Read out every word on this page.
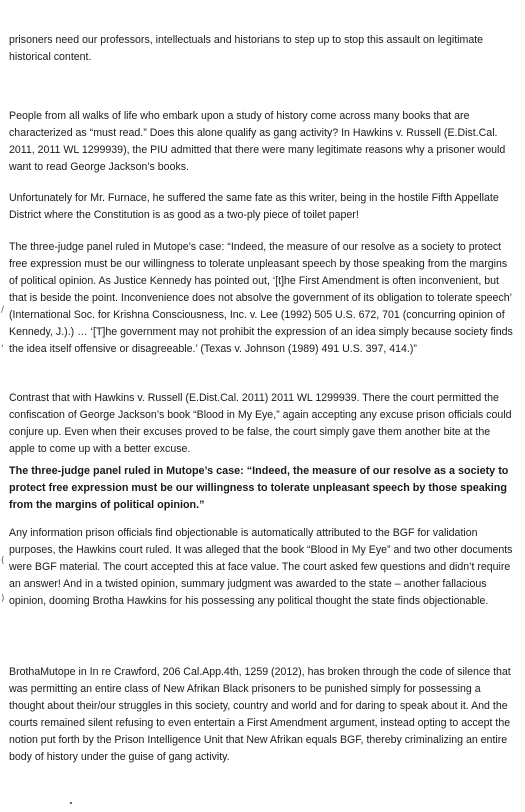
prisoners need our professors, intellectuals and historians to step up to stop this assault on legitimate historical content.

People from all walks of life who embark upon a study of history come across many books that are characterized as “must read.” Does this alone qualify as gang activity? In Hawkins v. Russell (E.Dist.Cal. 2011, 2011 WL 1299939), the PIU admitted that there were many legitimate reasons why a prisoner would want to read George Jackson’s books.

Unfortunately for Mr. Furnace, he suffered the same fate as this writer, being in the hostile Fifth Appellate District where the Constitution is as good as a two-ply piece of toilet paper!

The three-judge panel ruled in Mutope’s case: “Indeed, the measure of our resolve as a society to protect free expression must be our willingness to tolerate unpleasant speech by those speaking from the margins of political opinion. As Justice Kennedy has pointed out, ‘[t]he First Amendment is often inconvenient, but that is beside the point. Inconvenience does not absolve the government of its obligation to tolerate speech’ (International Soc. for Krishna Consciousness, Inc. v. Lee (1992) 505 U.S. 672, 701 (concurring opinion of Kennedy, J.).) … ‘[T]he government may not prohibit the expression of an idea simply because society finds the idea itself offensive or disagreeable.’ (Texas v. Johnson (1989) 491 U.S. 397, 414.)”

Contrast that with Hawkins v. Russell (E.Dist.Cal. 2011) 2011 WL 1299939. There the court permitted the confiscation of George Jackson’s book “Blood in My Eye,” again accepting any excuse prison officials could conjure up. Even when their excuses proved to be false, the court simply gave them another bite at the apple to come up with a better excuse.

The three-judge panel ruled in Mutope’s case: “Indeed, the measure of our resolve as a society to protect free expression must be our willingness to tolerate unpleasant speech by those speaking from the margins of political opinion.”

Any information prison officials find objectionable is automatically attributed to the BGF for validation purposes, the Hawkins court ruled. It was alleged that the book “Blood in My Eye” and two other documents were BGF material. The court accepted this at face value. The court asked few questions and didn’t require an answer! And in a twisted opinion, summary judgment was awarded to the state – another fallacious opinion, dooming Brotha Hawkins for his possessing any political thought the state finds objectionable.

BrothaMutope in In re Crawford, 206 Cal.App.4th, 1259 (2012), has broken through the code of silence that was permitting an entire class of New Afrikan Black prisoners to be punished simply for possessing a thought about their/our struggles in this society, country and world and for daring to speak about it. And the courts remained silent refusing to even entertain a First Amendment argument, instead opting to accept the notion put forth by the Prison Intelligence Unit that New Afrikan equals BGF, thereby criminalizing an entire body of history under the guise of gang activity.

/
,
(
)
